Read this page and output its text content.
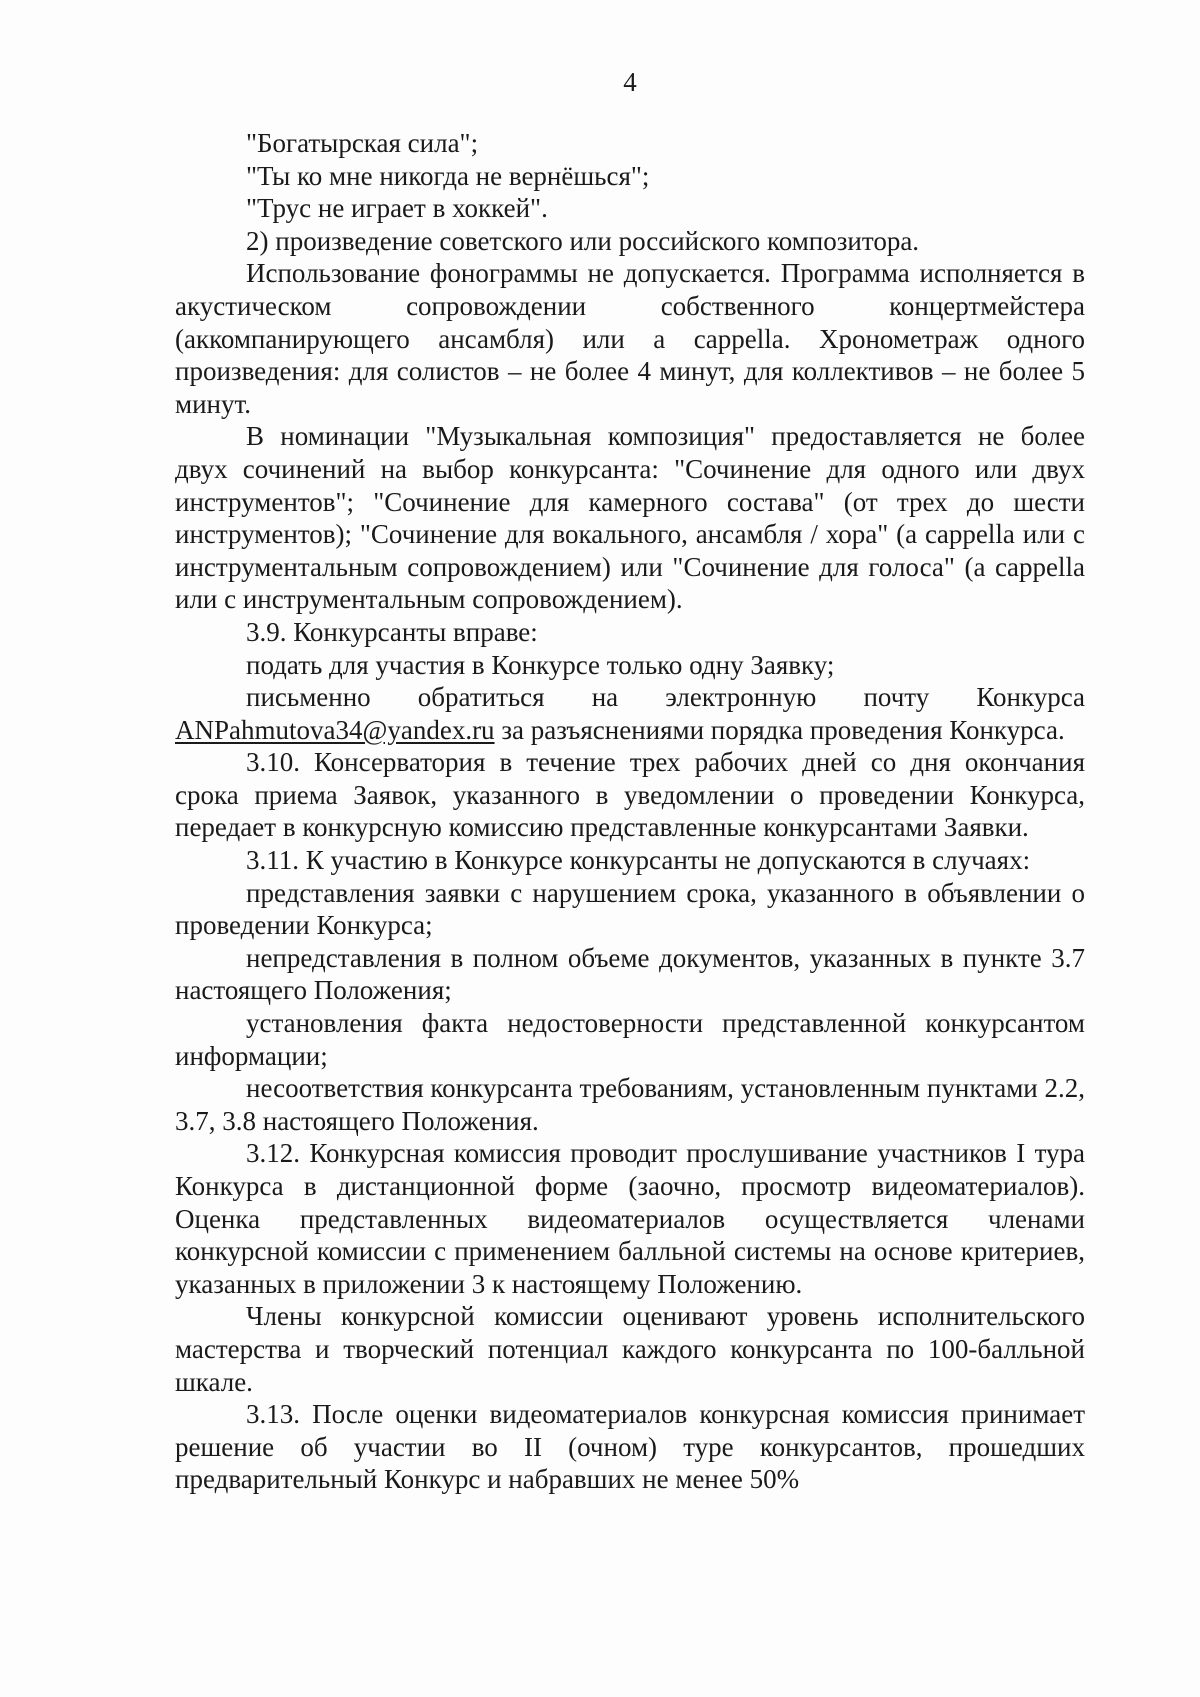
4

"Богатырская сила";

"Ты ко мне никогда не вернёшься";

"Трус не играет в хоккей".

2) произведение советского или российского композитора.

Использование фонограммы не допускается. Программа исполняется в акустическом сопровождении собственного концертмейстера (аккомпанирующего ансамбля) или a cappella. Хронометраж одного произведения: для солистов – не более 4 минут, для коллективов – не более 5 минут.

В номинации "Музыкальная композиция" предоставляется не более двух сочинений на выбор конкурсанта: "Сочинение для одного или двух инструментов"; "Сочинение для камерного состава" (от трех до шести инструментов); "Сочинение для вокального, ансамбля / хора" (a cappella или с инструментальным сопровождением) или "Сочинение для голоса" (a cappella или с инструментальным сопровождением).

3.9. Конкурсанты вправе:

подать для участия в Конкурсе только одну Заявку;

письменно обратиться на электронную почту Конкурса ANPahmutova34@yandex.ru за разъяснениями порядка проведения Конкурса.

3.10. Консерватория в течение трех рабочих дней со дня окончания срока приема Заявок, указанного в уведомлении о проведении Конкурса, передает в конкурсную комиссию представленные конкурсантами Заявки.

3.11. К участию в Конкурсе конкурсанты не допускаются в случаях:

представления заявки с нарушением срока, указанного в объявлении о проведении Конкурса;

непредставления в полном объеме документов, указанных в пункте 3.7 настоящего Положения;

установления факта недостоверности представленной конкурсантом информации;

несоответствия конкурсанта требованиям, установленным пунктами 2.2, 3.7, 3.8 настоящего Положения.

3.12. Конкурсная комиссия проводит прослушивание участников I тура Конкурса в дистанционной форме (заочно, просмотр видеоматериалов). Оценка представленных видеоматериалов осуществляется членами конкурсной комиссии с применением балльной системы на основе критериев, указанных в приложении 3 к настоящему Положению.

Члены конкурсной комиссии оценивают уровень исполнительского мастерства и творческий потенциал каждого конкурсанта по 100-балльной шкале.

3.13. После оценки видеоматериалов конкурсная комиссия принимает решение об участии во II (очном) туре конкурсантов, прошедших предварительный Конкурс и набравших не менее 50%
